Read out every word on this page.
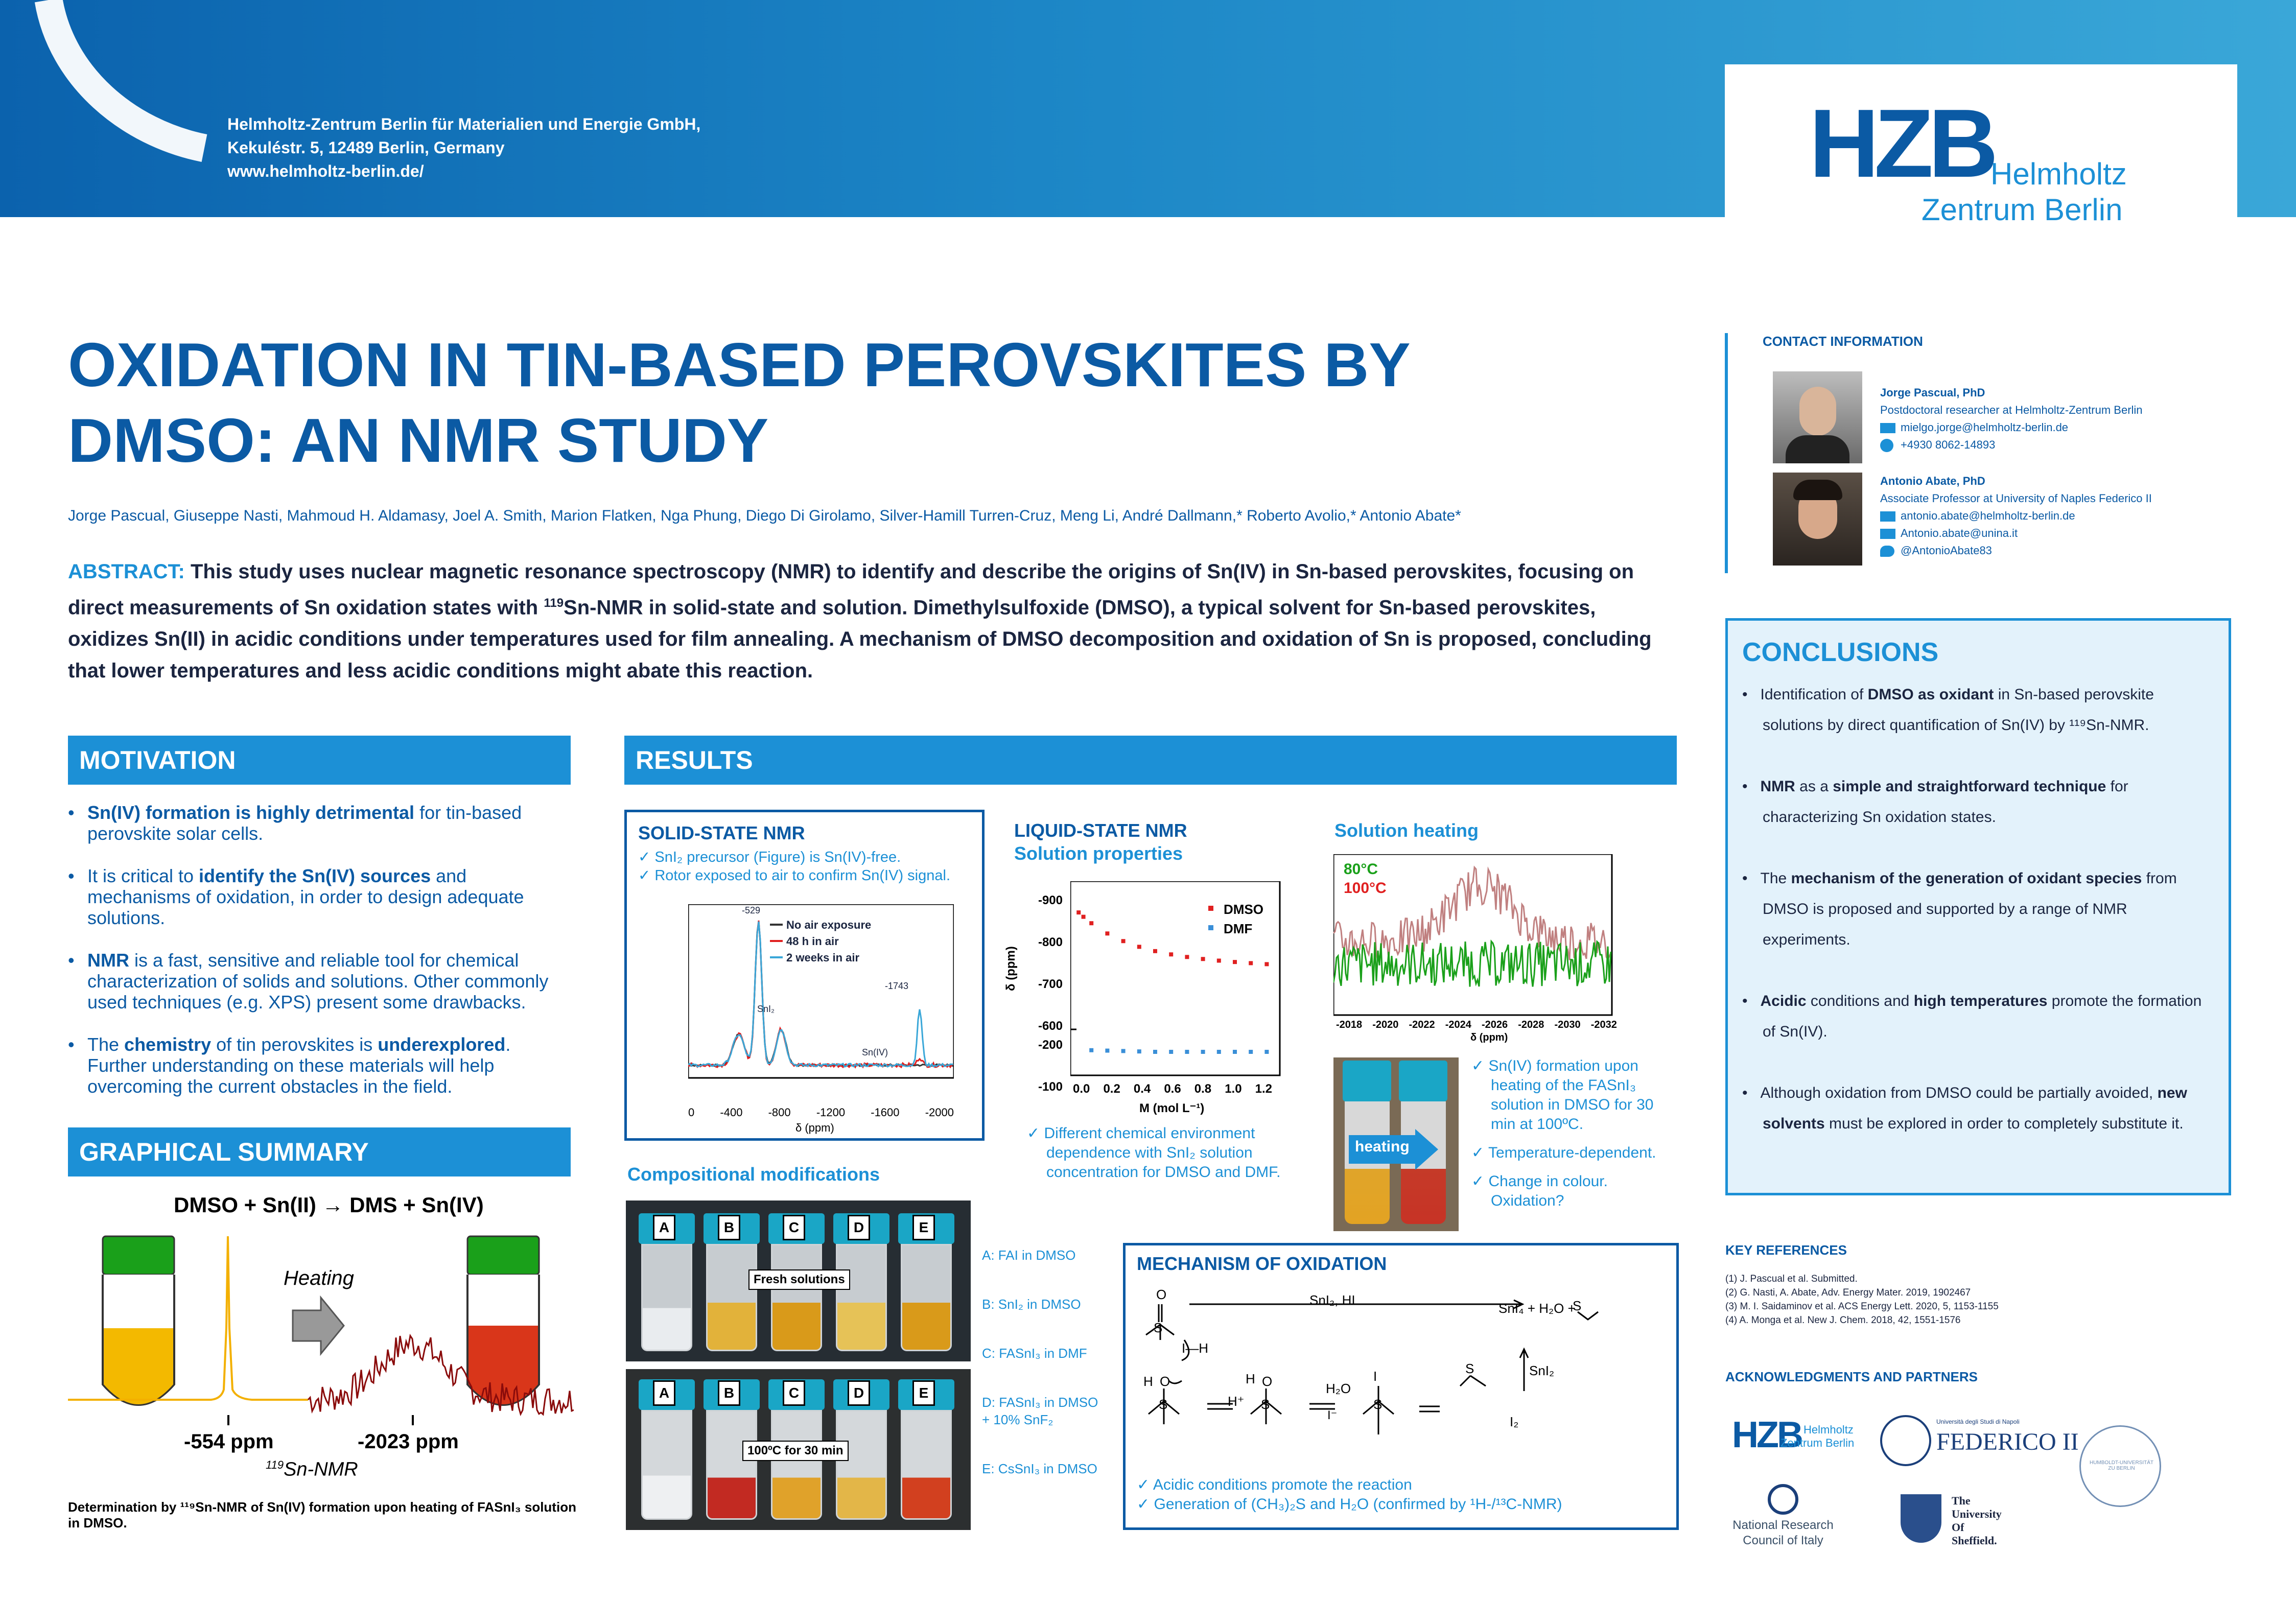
Helmholtz-Zentrum Berlin für Materialien und Energie GmbH,
Kekuléstr. 5, 12489 Berlin, Germany
www.helmholtz-berlin.de/	HZB
Helmholtz
Zentrum Berlin
OXIDATION IN TIN-BASED PEROVSKITES BY
DMSO: AN NMR STUDY
Jorge Pascual, Giuseppe Nasti, Mahmoud H. Aldamasy, Joel A. Smith, Marion Flatken, Nga Phung, Diego Di Girolamo, Silver-Hamill Turren-Cruz, Meng Li, André Dallmann,* Roberto Avolio,* Antonio Abate*
ABSTRACT: This study uses nuclear magnetic resonance spectroscopy (NMR) to identify and describe the origins of Sn(IV) in Sn-based perovskites, focusing on direct measurements of Sn oxidation states with $^{119}$Sn-NMR in solid-state and solution. Dimethylsulfoxide (DMSO), a typical solvent for Sn-based perovskites, oxidizes Sn(II) in acidic conditions under temperatures used for film annealing. A mechanism of DMSO decomposition and oxidation of Sn is proposed, concluding that lower temperatures and less acidic conditions might abate this reaction.
MOTIVATION
• Sn(IV) formation is highly detrimental for tin-based perovskite solar cells.
• It is critical to identify the Sn(IV) sources and mechanisms of oxidation, in order to design adequate solutions.
• NMR is a fast, sensitive and reliable tool for chemical characterization of solids and solutions. Other commonly used techniques (e.g. XPS) present some drawbacks.
• The chemistry of tin perovskites is underexplored. Further understanding on these materials will help overcoming the current obstacles in the field.
GRAPHICAL SUMMARY
DMSO + Sn(II) → DMS + Sn(IV)
Heating
-554 ppm	-2023 ppm
$^{119}$Sn-NMR
Determination by ¹¹⁹Sn-NMR of Sn(IV) formation upon heating of FASnI₃ solution in DMSO.
RESULTS
SOLID-STATE NMR
✓ SnI₂ precursor (Figure) is Sn(IV)-free.
✓ Rotor exposed to air to confirm Sn(IV) signal.
No air exposure
48 h in air
2 weeks in air
-529
-1743
SnI₂
Sn(IV)
0 -400 -800 -1200 -1600 -2000
δ (ppm)
LIQUID-STATE NMR
Solution properties
DMSO
DMF
-900
-800
-700
-600
-200
-100
δ (ppm)
0.0 0.2 0.4 0.6 0.8 1.0 1.2
M (mol L⁻¹)
✓ Different chemical environment dependence with SnI₂ solution concentration for DMSO and DMF.
Solution heating
80°C
100°C
-2018 -2020 -2022 -2024 -2026 -2028 -2030 -2032
δ (ppm)
heating
✓ Sn(IV) formation upon heating of the FASnI₃ solution in DMSO for 30 min at 100ºC.
✓ Temperature-dependent.
✓ Change in colour. Oxidation?
Compositional modifications
A	B	C	D	E
Fresh solutions
A	B	C	D	E
100ºC for 30 min
A: FAI in DMSO
B: SnI₂ in DMSO
C: FASnI₃ in DMF
D: FASnI₃ in DMSO + 10% SnF₂
E: CsSnI₃ in DMSO
MECHANISM OF OXIDATION
O
S
I—H
H O
S
H O
S	S
S
S
I
SnI₂, HI
SnI₄ + H₂O +
SnI₂
I₂
H₂O
H⁺
I⁻
✓ Acidic conditions promote the reaction
✓ Generation of (CH₃)₂S and H₂O (confirmed by ¹H-/¹³C-NMR)
CONTACT INFORMATION
Jorge Pascual, PhD
Postdoctoral researcher at Helmholtz-Zentrum Berlin
mielgo.jorge@helmholtz-berlin.de
+4930 8062-14893
Antonio Abate, PhD
Associate Professor at University of Naples Federico II
antonio.abate@helmholtz-berlin.de
Antonio.abate@unina.it
@AntonioAbate83
CONCLUSIONS
•   Identification of DMSO as oxidant in Sn-based perovskite solutions by direct quantification of Sn(IV) by ¹¹⁹Sn-NMR.
•   NMR as a simple and straightforward technique for characterizing Sn oxidation states.
•   The mechanism of the generation of oxidant species from DMSO is proposed and supported by a range of NMR experiments.
•   Acidic conditions and high temperatures promote the formation of Sn(IV).
•   Although oxidation from DMSO could be partially avoided, new solvents must be explored in order to completely substitute it.
KEY REFERENCES
(1) J. Pascual et al. Submitted.
(2) G. Nasti, A. Abate, Adv. Energy Mater. 2019, 1902467
(3) M. I. Saidaminov et al. ACS Energy Lett. 2020, 5, 1153-1155
(4) A. Monga et al. New J. Chem. 2018, 42, 1551-1576
ACKNOWLEDGMENTS AND PARTNERS
HZB Helmholtz
Zentrum Berlin
Università degli Studi di Napoli
FEDERICO II
HUMBOLDT-UNIVERSITÄT ZU BERLIN
National Research
Council of Italy
The
University
Of
Sheffield.
